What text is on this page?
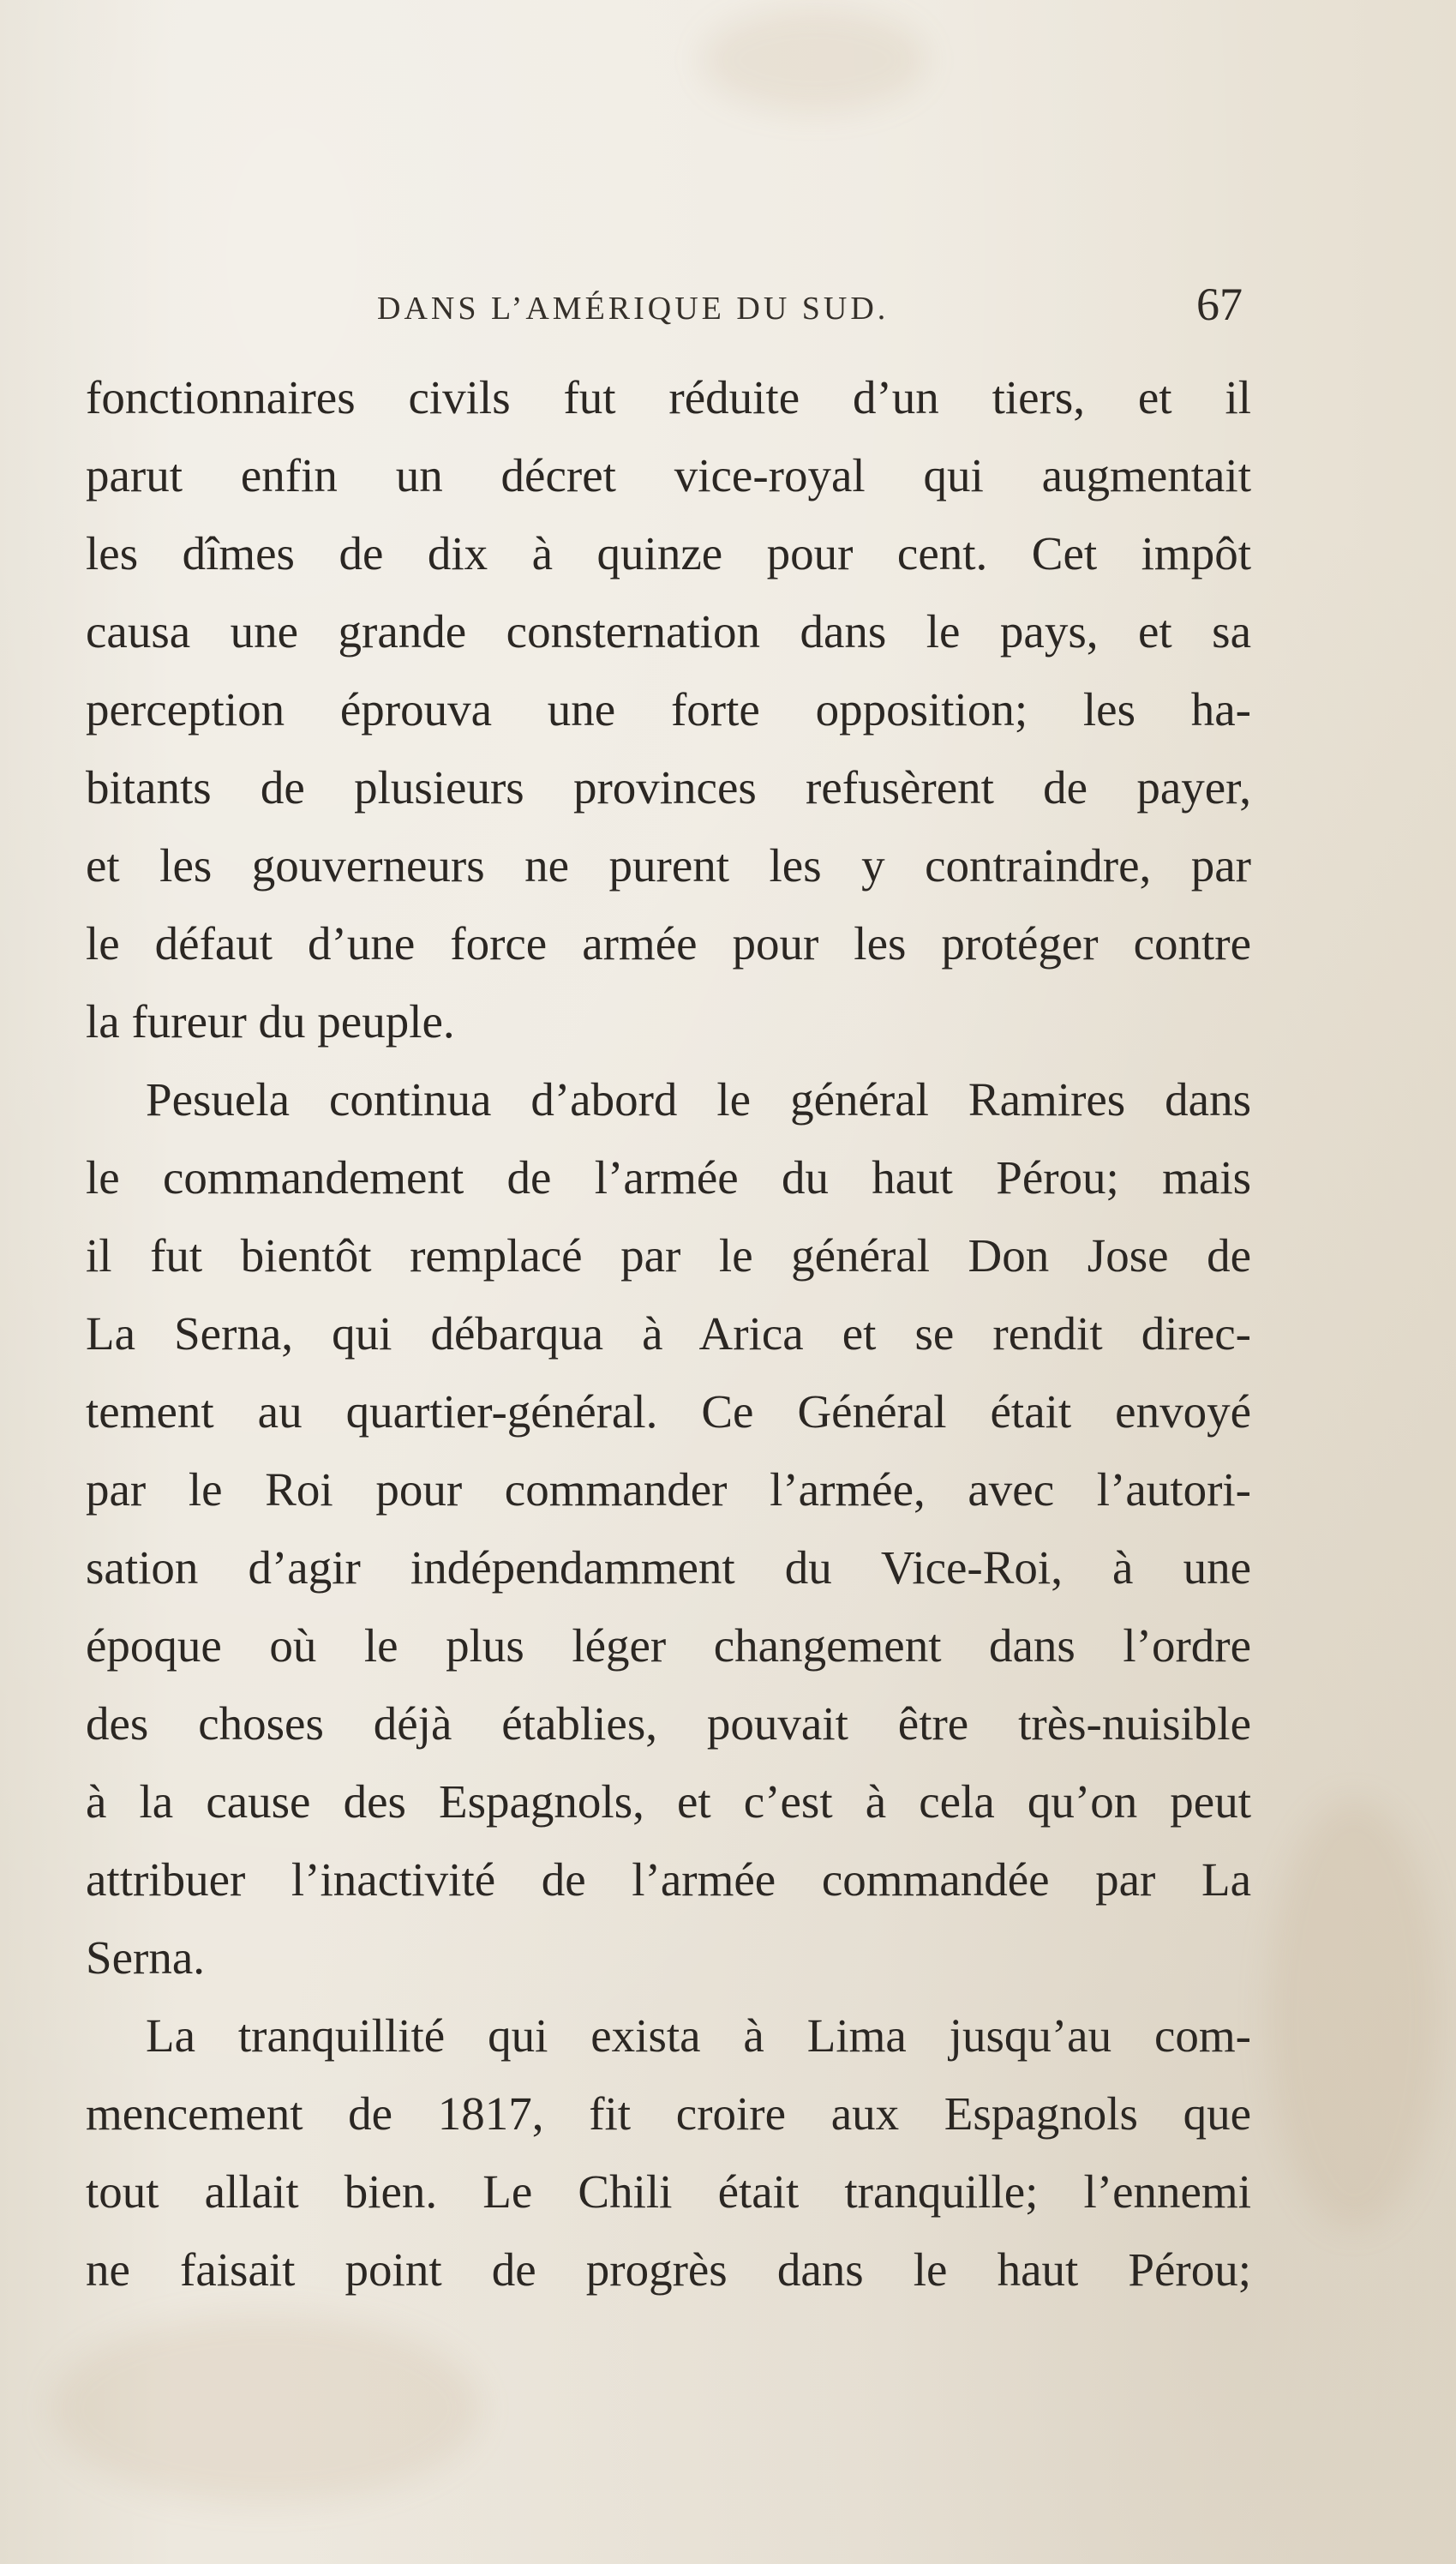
DANS L’AMÉRIQUE DU SUD.	67

fonctionnaires civils fut réduite d’un tiers, et il
parut enfin un décret vice-royal qui augmentait
les dîmes de dix à quinze pour cent. Cet impôt
causa une grande consternation dans le pays, et sa
perception éprouva une forte opposition; les ha-
bitants de plusieurs provinces refusèrent de payer,
et les gouverneurs ne purent les y contraindre, par
le défaut d’une force armée pour les protéger contre
la fureur du peuple.

Pesuela continua d’abord le général Ramires dans
le commandement de l’armée du haut Pérou; mais
il fut bientôt remplacé par le général Don Jose de
La Serna, qui débarqua à Arica et se rendit direc-
tement au quartier-général. Ce Général était envoyé
par le Roi pour commander l’armée, avec l’autori-
sation d’agir indépendamment du Vice-Roi, à une
époque où le plus léger changement dans l’ordre
des choses déjà établies, pouvait être très-nuisible
à la cause des Espagnols, et c’est à cela qu’on peut
attribuer l’inactivité de l’armée commandée par La
Serna.

La tranquillité qui exista à Lima jusqu’au com-
mencement de 1817, fit croire aux Espagnols que
tout allait bien. Le Chili était tranquille; l’ennemi
ne faisait point de progrès dans le haut Pérou;
